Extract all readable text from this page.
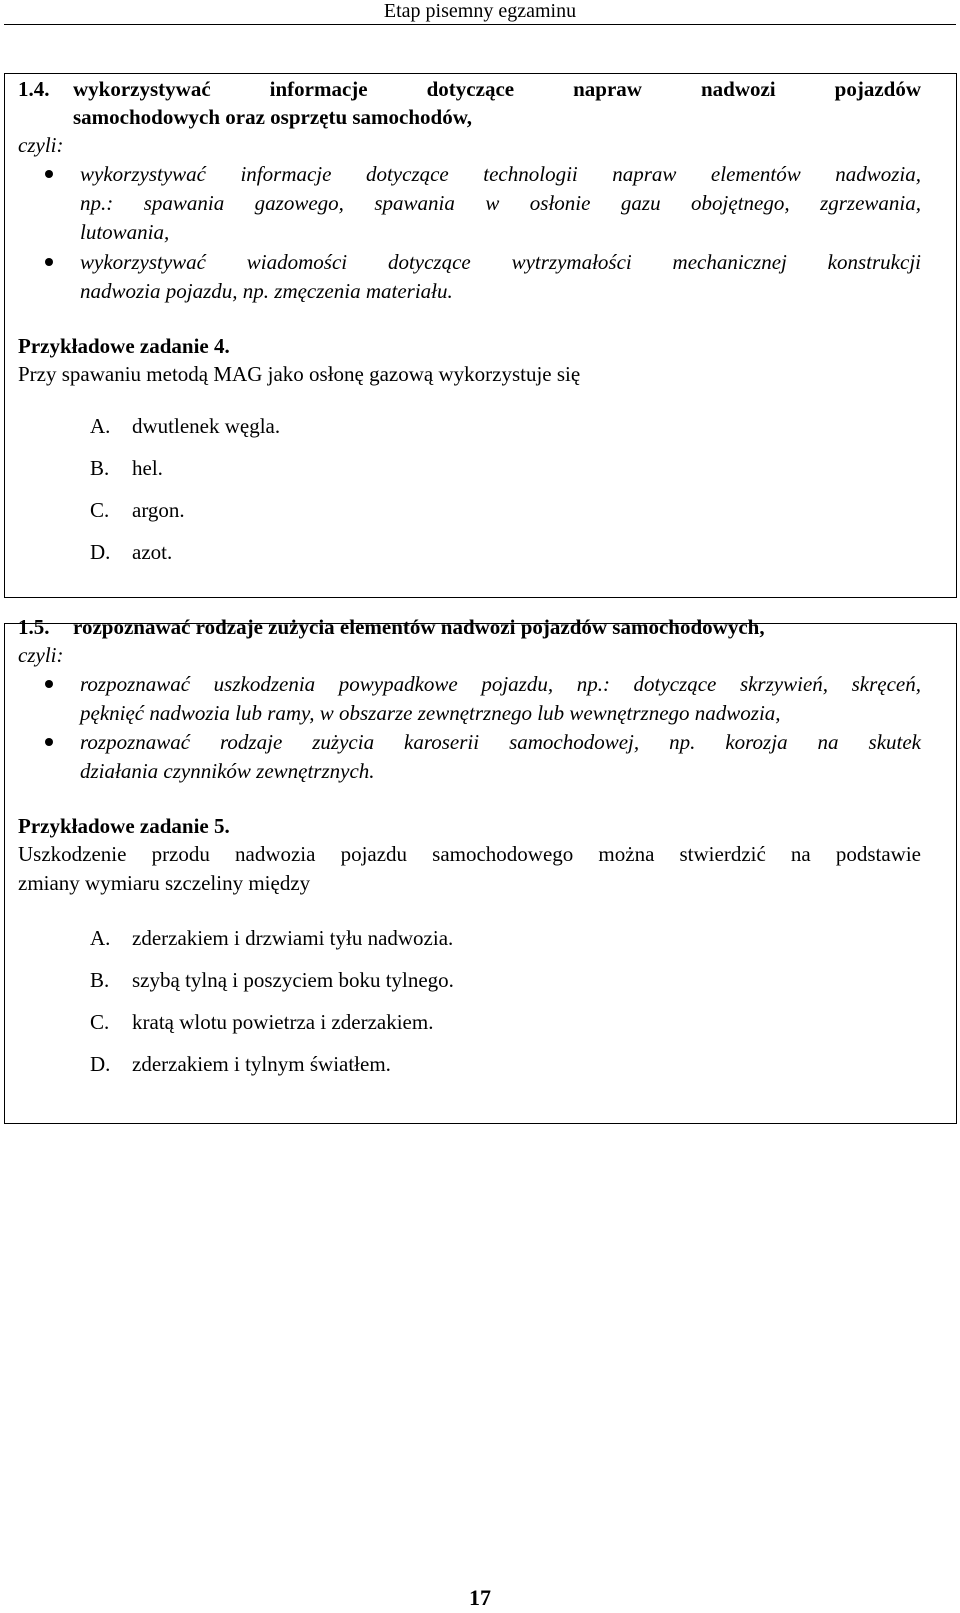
Etap pisemny egzaminu
1.4. wykorzystywać informacje dotyczące napraw nadwozi pojazdów
samochodowych oraz osprzętu samochodów,
czyli:
wykorzystywać informacje dotyczące technologii napraw elementów nadwozia,
np.: spawania gazowego, spawania w osłonie gazu obojętnego, zgrzewania,
lutowania,
wykorzystywać wiadomości dotyczące wytrzymałości mechanicznej konstrukcji
nadwozia pojazdu, np. zmęczenia materiału.
Przykładowe zadanie 4.
Przy spawaniu metodą MAG jako osłonę gazową wykorzystuje się
A. dwutlenek węgla.
B. hel.
C. argon.
D. azot.
1.5. rozpoznawać rodzaje zużycia elementów nadwozi pojazdów samochodowych,
czyli:
rozpoznawać uszkodzenia powypadkowe pojazdu, np.: dotyczące skrzywień, skręceń,
pęknięć nadwozia lub ramy, w obszarze zewnętrznego lub wewnętrznego nadwozia,
rozpoznawać rodzaje zużycia karoserii samochodowej, np. korozja na skutek
działania czynników zewnętrznych.
Przykładowe zadanie 5.
Uszkodzenie przodu nadwozia pojazdu samochodowego można stwierdzić na podstawie
zmiany wymiaru szczeliny między
A. zderzakiem i drzwiami tyłu nadwozia.
B. szybą tylną i poszyciem boku tylnego.
C. kratą wlotu powietrza i zderzakiem.
D. zderzakiem i tylnym światłem.
17
